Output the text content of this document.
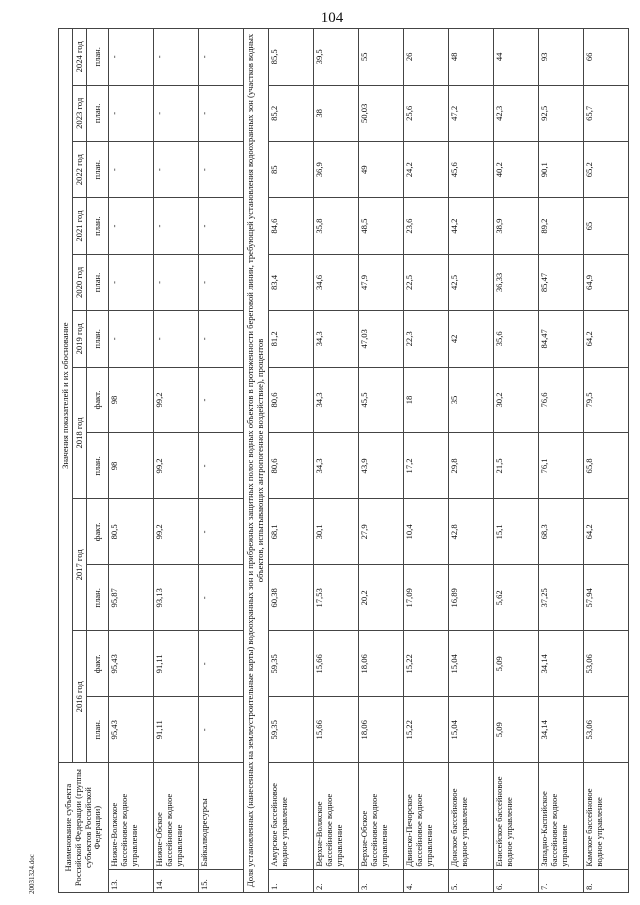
104
20031324.doc
Наименование субъекта Российской Федерации (группы субъектов Российской Федерации)		Значения показателей и их обоснование											
		2016 год		2017 год		2018 год		2019 год	2020 год	2021 год	2022 год	2023 год	2024 год
		план.	факт.	план.	факт.	план.	факт.	план.	план.	план.	план.	план.	план.
13.	Нижне-Волжское бассейновое водное управление	95,43	95,43	95,87	80,5	98	98	-	-	-	-	-	-
14.	Нижне-Обское бассейновое водное управление	91,11	91,11	93,13	99,2	99,2	99,2	-	-	-	-	-	-
15.	Байкалводресурсы	-	-	-	-	-	-	-	-	-	-	-	-
Доля установленных (нанесенных на землеустроительные карты) водоохранных зон и прибрежных защитных полос водных объектов в протяженности береговой линии, требующей установления водоохранных зон (участков водных объектов, испытывающих антропогенное воздействие), процентов													
1.	Амурское бассейновое водное управление	59,35	59,35	60,38	68,1	80,6	80,6	81,2	83,4	84,6	85	85,2	85,5
2.	Верхне-Волжское бассейновое водное управление	15,66	15,66	17,53	30,1	34,3	34,3	34,3	34,6	35,8	36,9	38	39,5
3.	Верхне-Обское бассейновое водное управление	18,06	18,06	20,2	27,9	43,9	45,5	47,03	47,9	48,5	49	50,03	55
4.	Двинско-Печорское бассейновое водное управление	15,22	15,22	17,09	10,4	17,2	18	22,3	22,5	23,6	24,2	25,6	26
5.	Донское бассейновое водное управление	15,04	15,04	16,89	42,8	29,8	35	42	42,5	44,2	45,6	47,2	48
6.	Енисейское бассейновое водное управление	5,09	5,09	5,62	15,1	21,5	30,2	35,6	36,33	38,9	40,2	42,3	44
7.	Западно-Каспийское бассейновое водное управление	34,14	34,14	37,25	68,3	76,1	76,6	84,47	85,47	89,2	90,1	92,5	93
8.	Камское бассейновое водное управление	53,06	53,06	57,94	64,2	65,8	79,5	64,2	64,9	65	65,2	65,7	66
